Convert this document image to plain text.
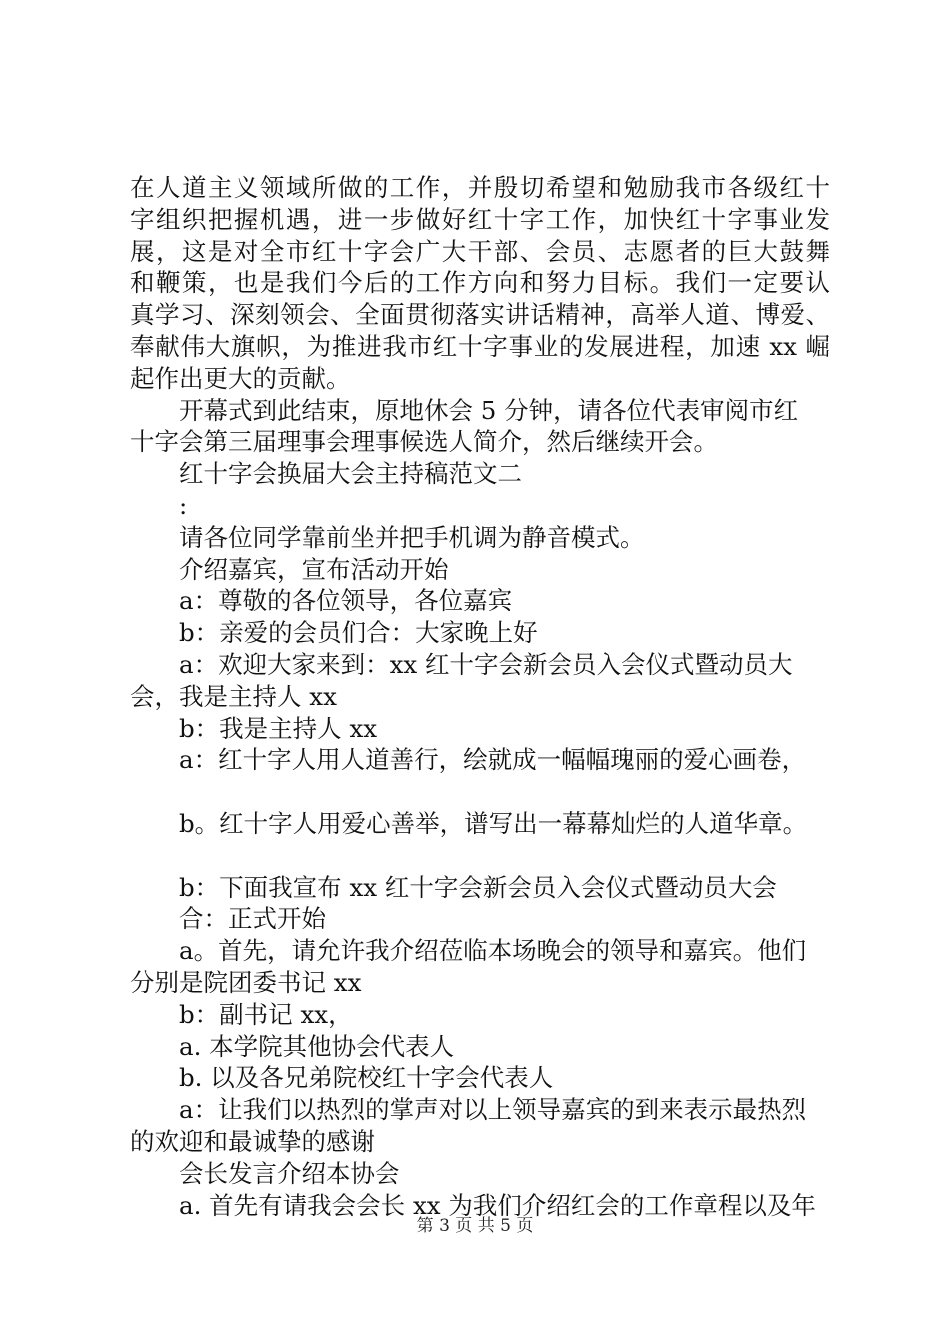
在人道主义领域所做的工作，并殷切希望和勉励我市各级红十
字组织把握机遇，进一步做好红十字工作，加快红十字事业发
展，这是对全市红十字会广大干部、会员、志愿者的巨大鼓舞
和鞭策，也是我们今后的工作方向和努力目标。我们一定要认
真学习、深刻领会、全面贯彻落实讲话精神，高举人道、博爱、
奉献伟大旗帜，为推进我市红十字事业的发展进程，加速 xx 崛
起作出更大的贡献。
开幕式到此结束，原地休会 5 分钟，请各位代表审阅市红
十字会第三届理事会理事候选人简介，然后继续开会。
红十字会换届大会主持稿范文二
:
请各位同学靠前坐并把手机调为静音模式。
介绍嘉宾，宣布活动开始
a：尊敬的各位领导，各位嘉宾
b：亲爱的会员们合：大家晚上好
a：欢迎大家来到：xx 红十字会新会员入会仪式暨动员大
会，我是主持人 xx
b：我是主持人 xx
a：红十字人用人道善行，绘就成一幅幅瑰丽的爱心画卷，
b。红十字人用爱心善举，谱写出一幕幕灿烂的人道华章。
b：下面我宣布 xx 红十字会新会员入会仪式暨动员大会
合：正式开始
a。首先，请允许我介绍莅临本场晚会的领导和嘉宾。他们
分别是院团委书记 xx
b：副书记 xx，
a. 本学院其他协会代表人
b. 以及各兄弟院校红十字会代表人
a：让我们以热烈的掌声对以上领导嘉宾的到来表示最热烈
的欢迎和最诚挚的感谢
会长发言介绍本协会
a. 首先有请我会会长 xx 为我们介绍红会的工作章程以及年
第 3 页 共 5 页
